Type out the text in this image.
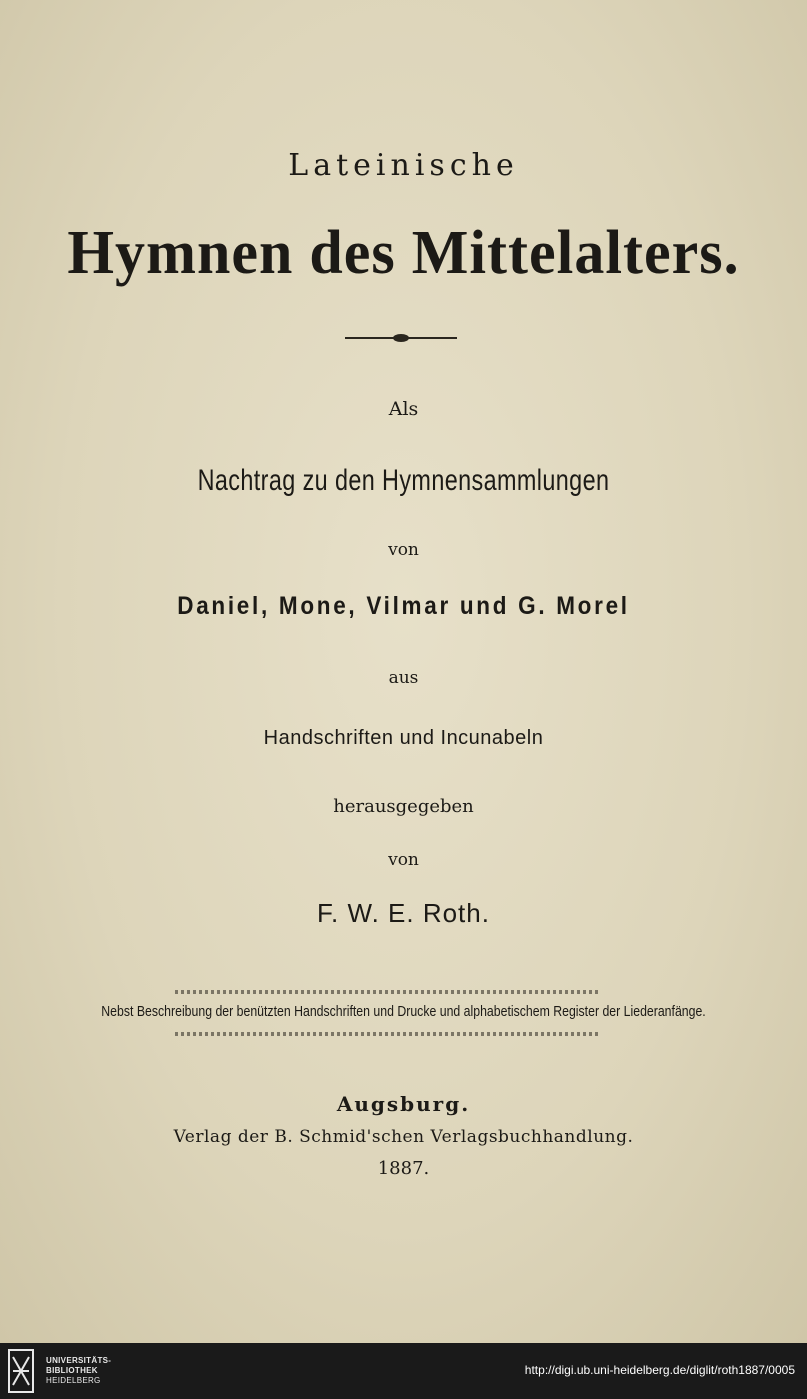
Lateinische
Hymnen des Mittelalters.
Als
Nachtrag zu den Hymnensammlungen
von
Daniel, Mone, Vilmar und G. Morel
aus
Handschriften und Incunabeln
herausgegeben
von
F. W. E. Roth.
Nebst Beschreibung der benützten Handschriften und Drucke und alphabetischem Register der Liederanfänge.
Augsburg.
Verlag der B. Schmid'schen Verlagsbuchhandlung.
1887.
UNIVERSITÄTS-
BIBLIOTHEK
HEIDELBERG
http://digi.ub.uni-heidelberg.de/diglit/roth1887/0005
